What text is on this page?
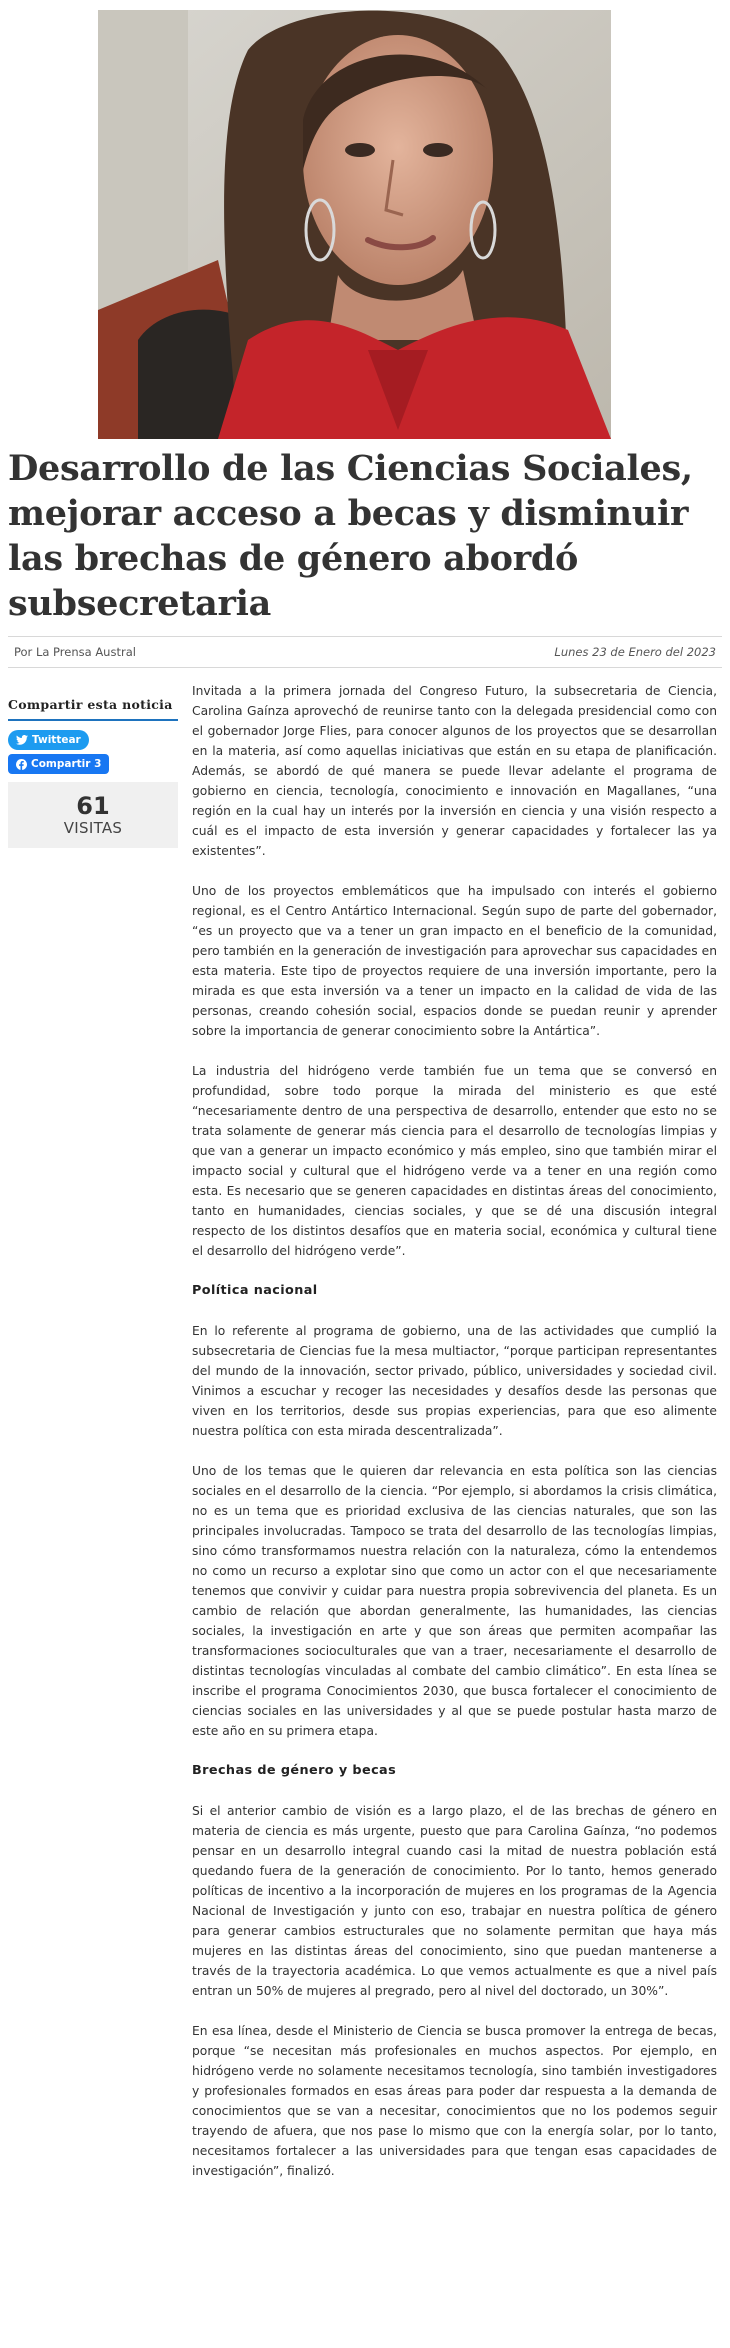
Desarrollo de las Ciencias Sociales, mejorar acceso a becas y disminuir las brechas de género abordó subsecretaria
Por La Prensa Austral	Lunes 23 de Enero del 2023
Compartir esta noticia
Twittear
Compartir 3
61
VISITAS

Invitada a la primera jornada del Congreso Futuro, la subsecretaria de Ciencia, Carolina Gaínza aprovechó de reunirse tanto con la delegada presidencial como con el gobernador Jorge Flies, para conocer algunos de los proyectos que se desarrollan en la materia, así como aquellas iniciativas que están en su etapa de planificación. Además, se abordó de qué manera se puede llevar adelante el programa de gobierno en ciencia, tecnología, conocimiento e innovación en Magallanes, “una región en la cual hay un interés por la inversión en ciencia y una visión respecto a cuál es el impacto de esta inversión y generar capacidades y fortalecer las ya existentes”.

Uno de los proyectos emblemáticos que ha impulsado con interés el gobierno regional, es el Centro Antártico Internacional. Según supo de parte del gobernador, “es un proyecto que va a tener un gran impacto en el beneficio de la comunidad, pero también en la generación de investigación para aprovechar sus capacidades en esta materia. Este tipo de proyectos requiere de una inversión importante, pero la mirada es que esta inversión va a tener un impacto en la calidad de vida de las personas, creando cohesión social, espacios donde se puedan reunir y aprender sobre la importancia de generar conocimiento sobre la Antártica”.

La industria del hidrógeno verde también fue un tema que se conversó en profundidad, sobre todo porque la mirada del ministerio es que esté “necesariamente dentro de una perspectiva de desarrollo, entender que esto no se trata solamente de generar más ciencia para el desarrollo de tecnologías limpias y que van a generar un impacto económico y más empleo, sino que también mirar el impacto social y cultural que el hidrógeno verde va a tener en una región como esta. Es necesario que se generen capacidades en distintas áreas del conocimiento, tanto en humanidades, ciencias sociales, y que se dé una discusión integral respecto de los distintos desafíos que en materia social, económica y cultural tiene el desarrollo del hidrógeno verde”.

Política nacional

En lo referente al programa de gobierno, una de las actividades que cumplió la subsecretaria de Ciencias fue la mesa multiactor, “porque participan representantes del mundo de la innovación, sector privado, público, universidades y sociedad civil. Vinimos a escuchar y recoger las necesidades y desafíos desde las personas que viven en los territorios, desde sus propias experiencias, para que eso alimente nuestra política con esta mirada descentralizada”.

Uno de los temas que le quieren dar relevancia en esta política son las ciencias sociales en el desarrollo de la ciencia. “Por ejemplo, si abordamos la crisis climática, no es un tema que es prioridad exclusiva de las ciencias naturales, que son las principales involucradas. Tampoco se trata del desarrollo de las tecnologías limpias, sino cómo transformamos nuestra relación con la naturaleza, cómo la entendemos no como un recurso a explotar sino que como un actor con el que necesariamente tenemos que convivir y cuidar para nuestra propia sobrevivencia del planeta. Es un cambio de relación que abordan generalmente, las humanidades, las ciencias sociales, la investigación en arte y que son áreas que permiten acompañar las transformaciones socioculturales que van a traer, necesariamente el desarrollo de distintas tecnologías vinculadas al combate del cambio climático”. En esta línea se inscribe el programa Conocimientos 2030, que busca fortalecer el conocimiento de ciencias sociales en las universidades y al que se puede postular hasta marzo de este año en su primera etapa.

Brechas de género y becas

Si el anterior cambio de visión es a largo plazo, el de las brechas de género en materia de ciencia es más urgente, puesto que para Carolina Gaínza, “no podemos pensar en un desarrollo integral cuando casi la mitad de nuestra población está quedando fuera de la generación de conocimiento. Por lo tanto, hemos generado políticas de incentivo a la incorporación de mujeres en los programas de la Agencia Nacional de Investigación y junto con eso, trabajar en nuestra política de género para generar cambios estructurales que no solamente permitan que haya más mujeres en las distintas áreas del conocimiento, sino que puedan mantenerse a través de la trayectoria académica. Lo que vemos actualmente es que a nivel país entran un 50% de mujeres al pregrado, pero al nivel del doctorado, un 30%”.

En esa línea, desde el Ministerio de Ciencia se busca promover la entrega de becas, porque “se necesitan más profesionales en muchos aspectos. Por ejemplo, en hidrógeno verde no solamente necesitamos tecnología, sino también investigadores y profesionales formados en esas áreas para poder dar respuesta a la demanda de conocimientos que se van a necesitar, conocimientos que no los podemos seguir trayendo de afuera, que nos pase lo mismo que con la energía solar, por lo tanto, necesitamos fortalecer a las universidades para que tengan esas capacidades de investigación”, finalizó.
